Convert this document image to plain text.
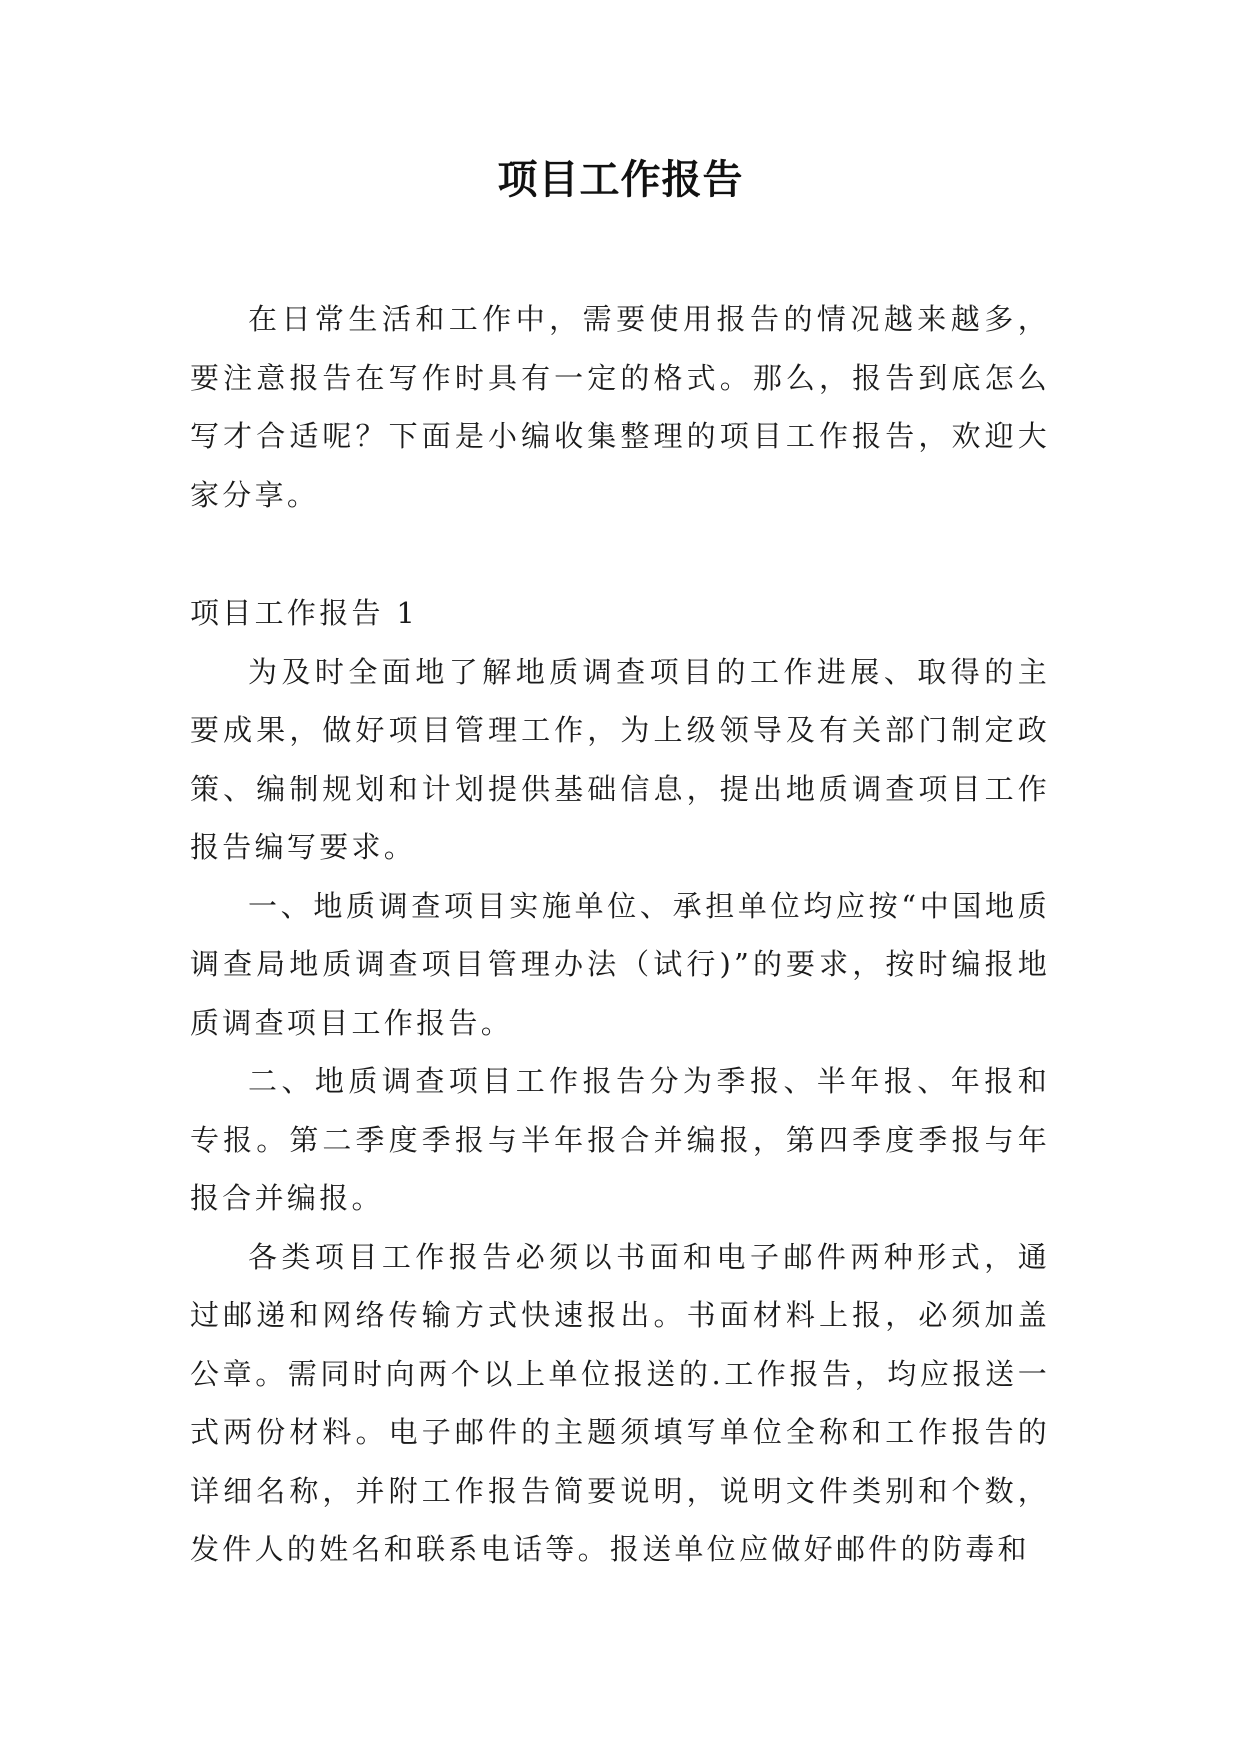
项目工作报告

在日常生活和工作中，需要使用报告的情况越来越多，要注意报告在写作时具有一定的格式。那么，报告到底怎么写才合适呢？下面是小编收集整理的项目工作报告，欢迎大家分享。

项目工作报告 1

为及时全面地了解地质调查项目的工作进展、取得的主要成果，做好项目管理工作，为上级领导及有关部门制定政策、编制规划和计划提供基础信息，提出地质调查项目工作报告编写要求。

一、地质调查项目实施单位、承担单位均应按“中国地质调查局地质调查项目管理办法（试行)”的要求，按时编报地质调查项目工作报告。

二、地质调查项目工作报告分为季报、半年报、年报和专报。第二季度季报与半年报合并编报，第四季度季报与年报合并编报。

各类项目工作报告必须以书面和电子邮件两种形式，通过邮递和网络传输方式快速报出。书面材料上报，必须加盖公章。需同时向两个以上单位报送的.工作报告，均应报送一式两份材料。电子邮件的主题须填写单位全称和工作报告的详细名称，并附工作报告简要说明，说明文件类别和个数，发件人的姓名和联系电话等。报送单位应做好邮件的防毒和
